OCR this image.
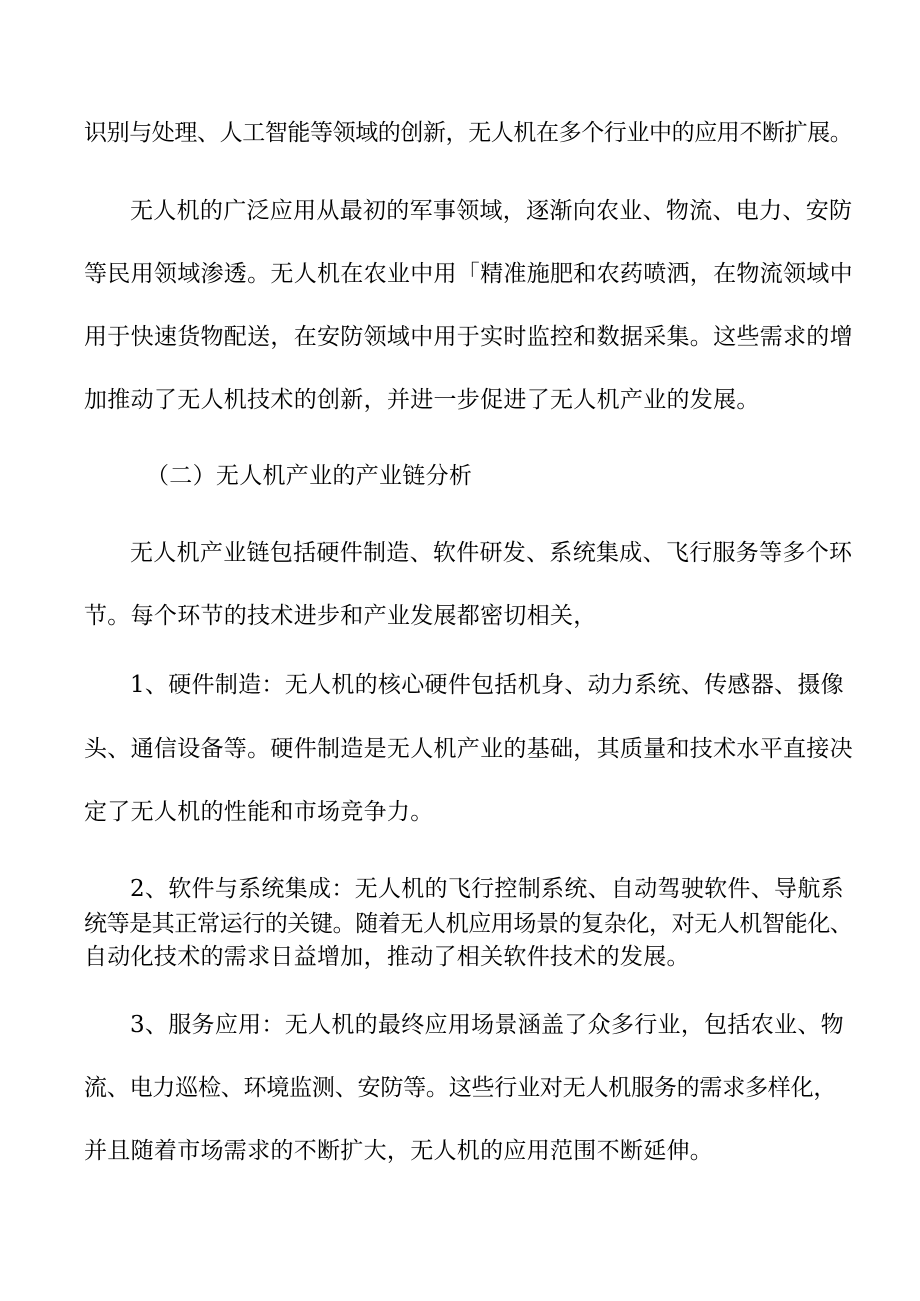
识别与处理、人工智能等领域的创新，无人机在多个行业中的应用不断扩展。
无人机的广泛应用从最初的军事领域，逐渐向农业、物流、电力、安防
等民用领域渗透。无人机在农业中用「精准施肥和农药喷洒，在物流领域中
用于快速货物配送，在安防领域中用于实时监控和数据采集。这些需求的增
加推动了无人机技术的创新，并进一步促进了无人机产业的发展。
（二）无人机产业的产业链分析
无人机产业链包括硬件制造、软件研发、系统集成、飞行服务等多个环
节。每个环节的技术进步和产业发展都密切相关，
1、硬件制造：无人机的核心硬件包括机身、动力系统、传感器、摄像
头、通信设备等。硬件制造是无人机产业的基础，其质量和技术水平直接决
定了无人机的性能和市场竞争力。
2、软件与系统集成：无人机的飞行控制系统、自动驾驶软件、导航系
统等是其正常运行的关键。随着无人机应用场景的复杂化，对无人机智能化、
自动化技术的需求日益增加，推动了相关软件技术的发展。
3、服务应用：无人机的最终应用场景涵盖了众多行业，包括农业、物
流、电力巡检、环境监测、安防等。这些行业对无人机服务的需求多样化，
并且随着市场需求的不断扩大，无人机的应用范围不断延伸。
